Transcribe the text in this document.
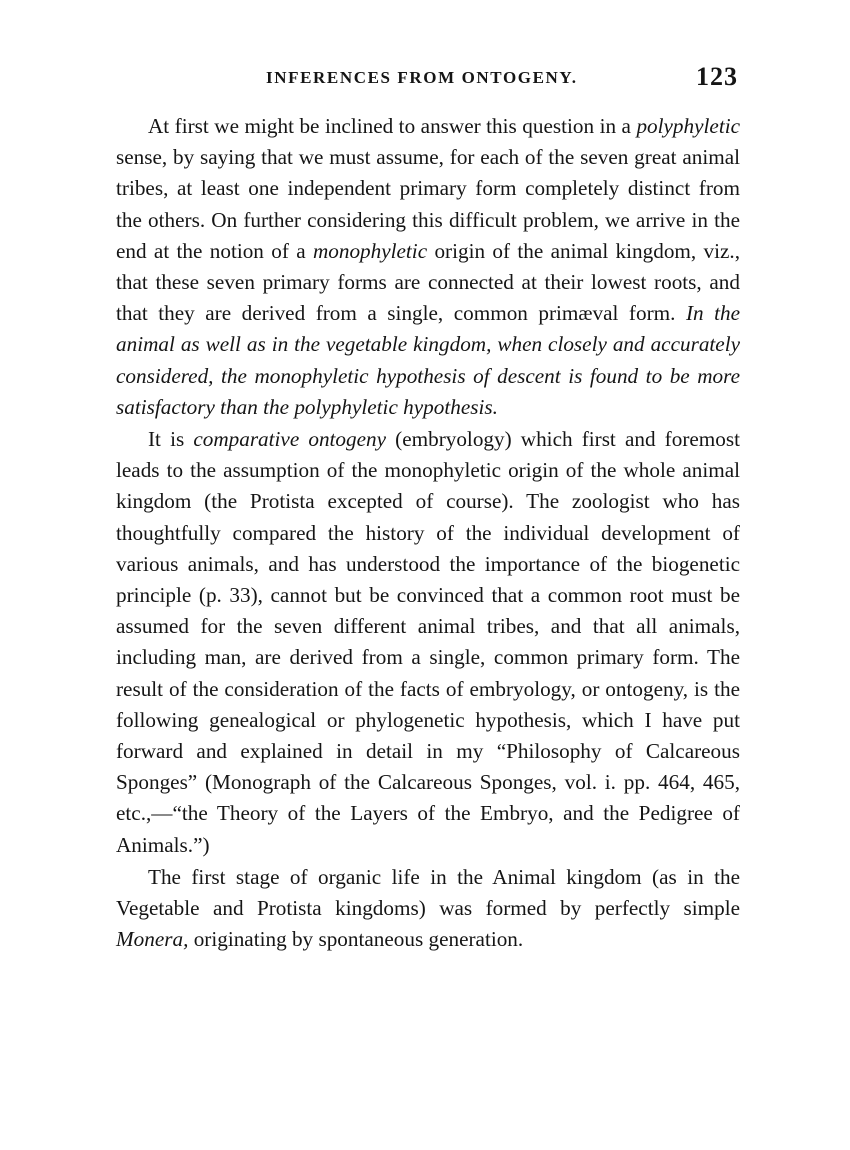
INFERENCES FROM ONTOGENY.	123

At first we might be inclined to answer this question in a polyphyletic sense, by saying that we must assume, for each of the seven great animal tribes, at least one independent primary form completely distinct from the others. On further considering this difficult problem, we arrive in the end at the notion of a monophyletic origin of the animal kingdom, viz., that these seven primary forms are connected at their lowest roots, and that they are derived from a single, common primæval form. In the animal as well as in the vegetable kingdom, when closely and accurately considered, the monophyletic hypothesis of descent is found to be more satisfactory than the polyphyletic hypothesis.

It is comparative ontogeny (embryology) which first and foremost leads to the assumption of the monophyletic origin of the whole animal kingdom (the Protista excepted of course). The zoologist who has thoughtfully compared the history of the individual development of various animals, and has understood the importance of the biogenetic principle (p. 33), cannot but be convinced that a common root must be assumed for the seven different animal tribes, and that all animals, including man, are derived from a single, common primary form. The result of the consideration of the facts of embryology, or ontogeny, is the following genealogical or phylogenetic hypothesis, which I have put forward and explained in detail in my “Philosophy of Calcareous Sponges” (Monograph of the Calcareous Sponges, vol. i. pp. 464, 465, etc.,—“the Theory of the Layers of the Embryo, and the Pedigree of Animals.”)

The first stage of organic life in the Animal kingdom (as in the Vegetable and Protista kingdoms) was formed by perfectly simple Monera, originating by spontaneous generation.
